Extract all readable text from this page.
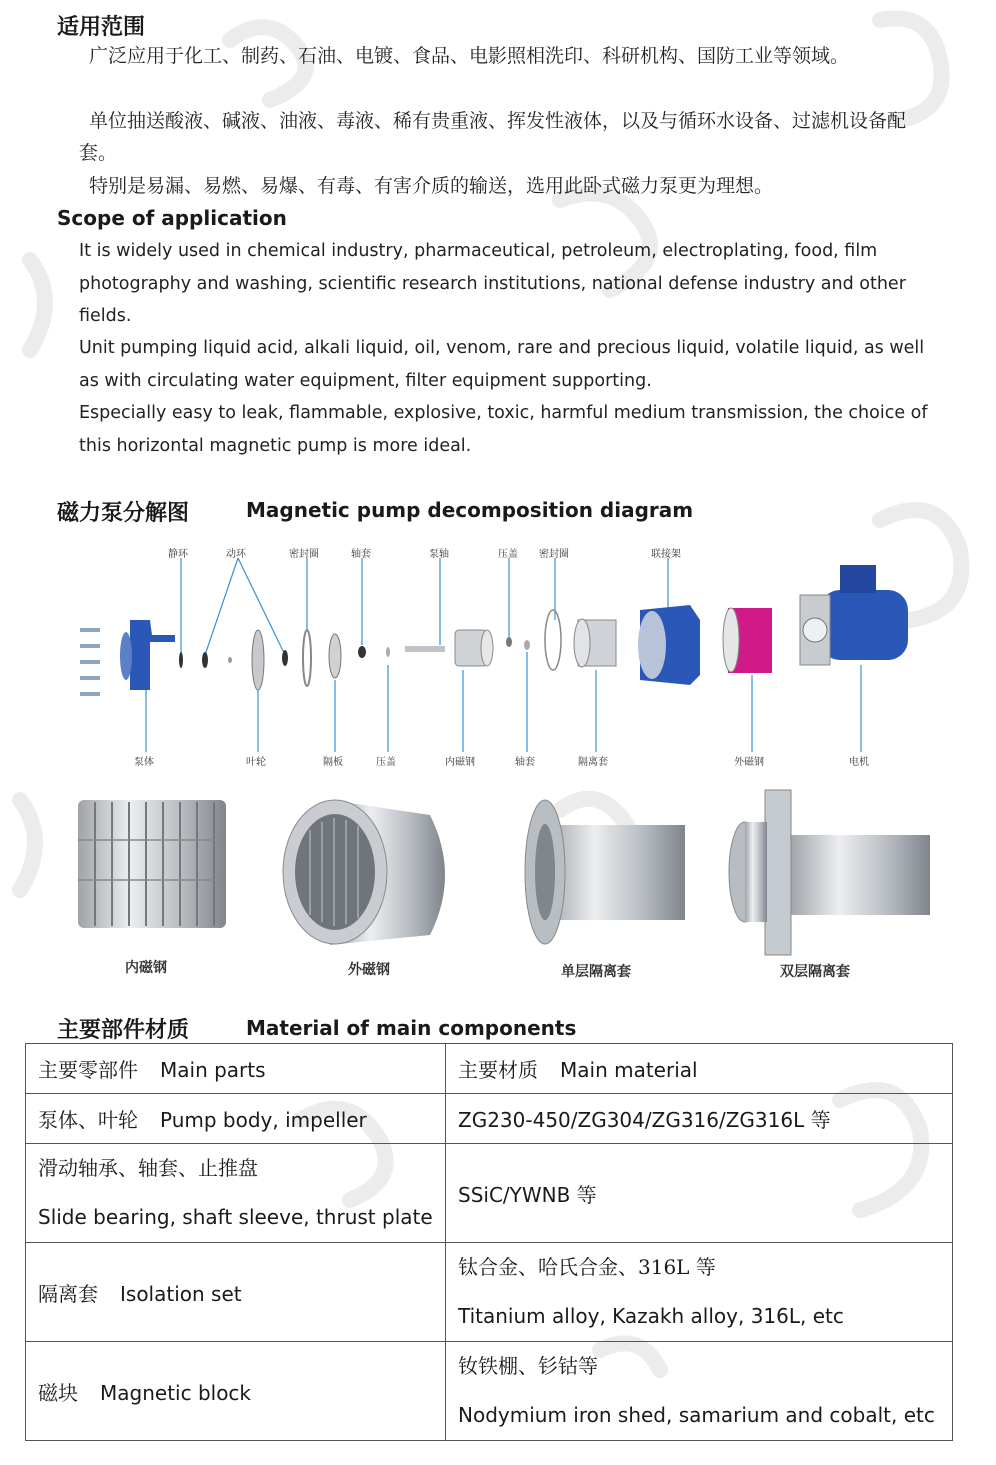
适用范围
广泛应用于化工、制药、石油、电镀、食品、电影照相洗印、科研机构、国防工业等领域。
单位抽送酸液、碱液、油液、毒液、稀有贵重液、挥发性液体，以及与循环水设备、过滤机设备配套。
特别是易漏、易燃、易爆、有毒、有害介质的输送，选用此卧式磁力泵更为理想。
Scope of application
It is widely used in chemical industry, pharmaceutical, petroleum, electroplating, food, film photography and washing, scientific research institutions, national defense industry and other fields.
Unit pumping liquid acid, alkali liquid, oil, venom, rare and precious liquid, volatile liquid, as well as with circulating water equipment, filter equipment supporting.
Especially easy to leak, flammable, explosive, toxic, harmful medium transmission, the choice of this horizontal magnetic pump is more ideal.
磁力泵分解图	Magnetic pump decomposition diagram
静环	动环	密封圈	轴套	泵轴	压盖 密封圈	联接架
泵体	叶轮	隔板	压盖	内磁钢	轴套	隔离套	外磁钢	电机
内磁钢	外磁钢	单层隔离套	双层隔离套
主要部件材质	Material of main components
主要零部件 Main parts	主要材质 Main material
泵体、叶轮 Pump body, impeller	ZG230-450/ZG304/ZG316/ZG316L 等

滑动轴承、轴套、止推盘
Slide bearing, shaft sleeve, thrust plate	SSiC/YWNB 等
隔离套 Isolation set	钛合金、哈氏合金、316L 等
Titanium alloy, Kazakh alloy, 316L, etc

磁块 Magnetic block	钕铁棚、钐钴等
Nodymium iron shed, samarium and cobalt, etc
